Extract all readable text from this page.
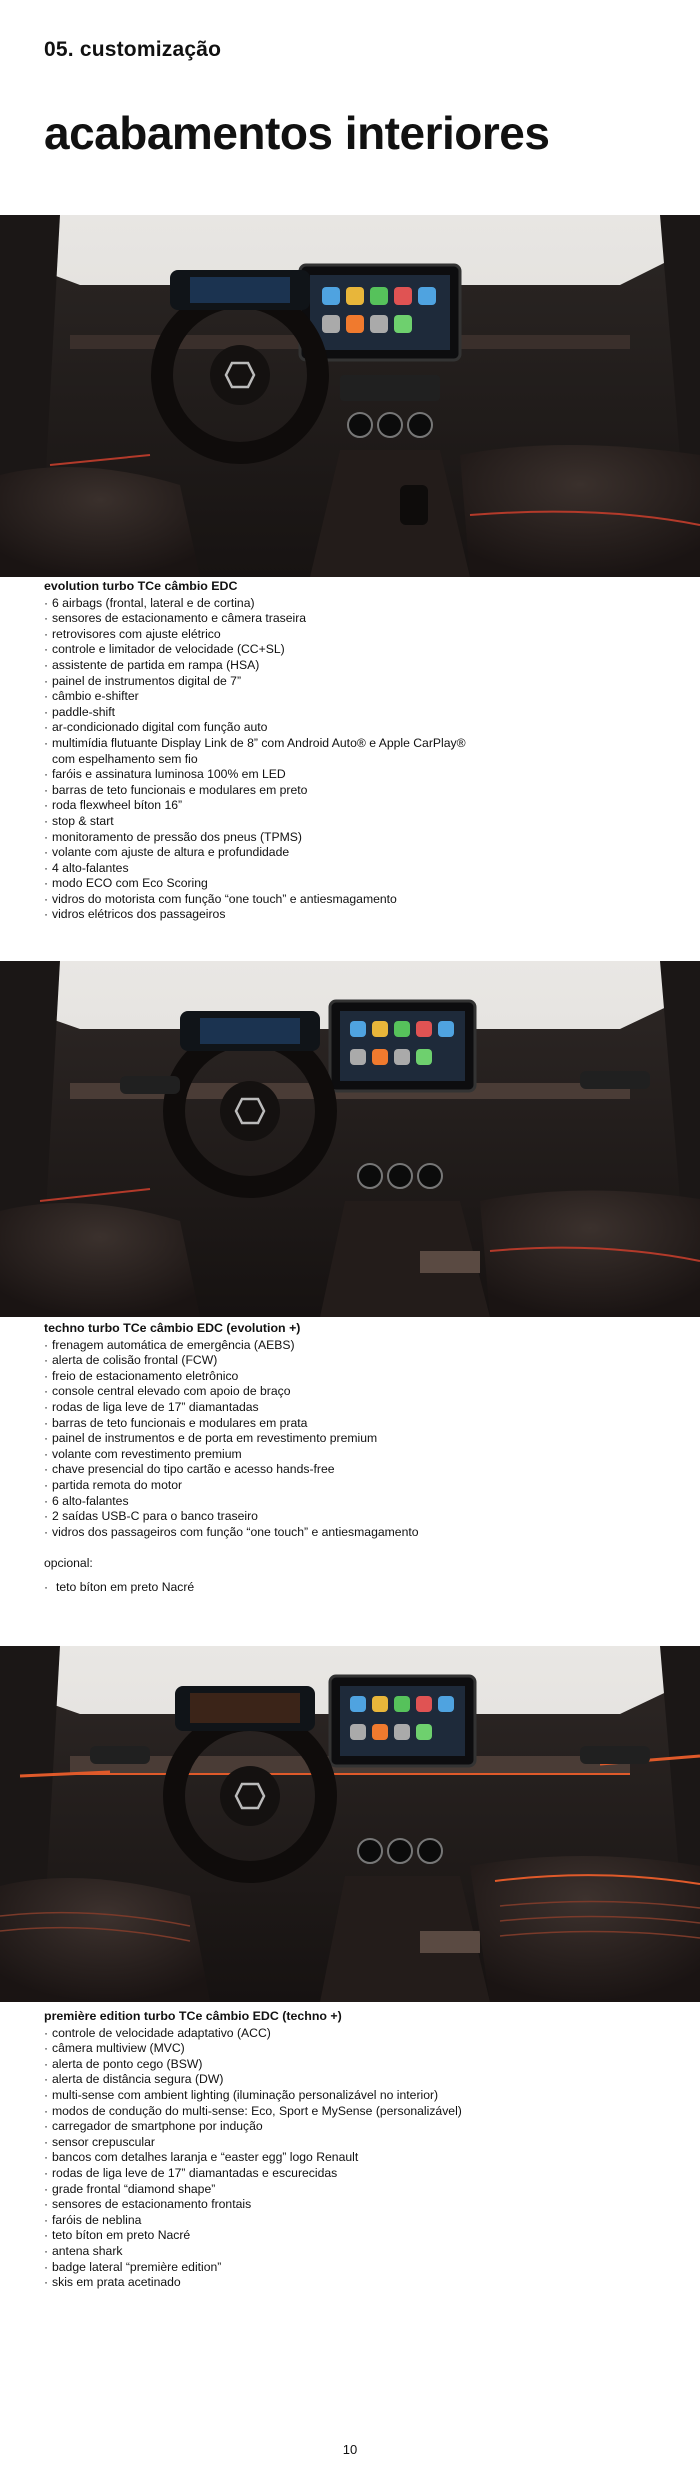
05. customização
acabamentos interiores
evolution turbo TCe câmbio EDC
· 6 airbags (frontal, lateral e de cortina)
· sensores de estacionamento e câmera traseira
· retrovisores com ajuste elétrico
· controle e limitador de velocidade (CC+SL)
· assistente de partida em rampa (HSA)
· painel de instrumentos digital de 7”
· câmbio e-shifter
· paddle-shift
· ar-condicionado digital com função auto
· multimídia flutuante Display Link de 8” com Android Auto® e Apple CarPlay®
com espelhamento sem fio
· faróis e assinatura luminosa 100% em LED
· barras de teto funcionais e modulares em preto
· roda flexwheel bíton 16”
· stop & start
· monitoramento de pressão dos pneus (TPMS)
· volante com ajuste de altura e profundidade
· 4 alto-falantes
· modo ECO com Eco Scoring
· vidros do motorista com função “one touch” e antiesmagamento
· vidros elétricos dos passageiros
techno turbo TCe câmbio EDC (evolution +)
· frenagem automática de emergência (AEBS)
· alerta de colisão frontal (FCW)
· freio de estacionamento eletrônico
· console central elevado com apoio de braço
· rodas de liga leve de 17” diamantadas
· barras de teto funcionais e modulares em prata
· painel de instrumentos e de porta em revestimento premium
· volante com revestimento premium
· chave presencial do tipo cartão e acesso hands-free
· partida remota do motor
· 6 alto-falantes
· 2 saídas USB-C para o banco traseiro
· vidros dos passageiros com função “one touch” e antiesmagamento
opcional:
· teto bíton em preto Nacré
première edition turbo TCe câmbio EDC (techno +)
· controle de velocidade adaptativo (ACC)
· câmera multiview (MVC)
· alerta de ponto cego (BSW)
· alerta de distância segura (DW)
· multi-sense com ambient lighting (iluminação personalizável no interior)
· modos de condução do multi-sense: Eco, Sport e MySense (personalizável)
· carregador de smartphone por indução
· sensor crepuscular
· bancos com detalhes laranja e “easter egg” logo Renault
· rodas de liga leve de 17” diamantadas e escurecidas
· grade frontal “diamond shape”
· sensores de estacionamento frontais
· faróis de neblina
· teto bíton em preto Nacré
· antena shark
· badge lateral “première edition”
· skis em prata acetinado
10
